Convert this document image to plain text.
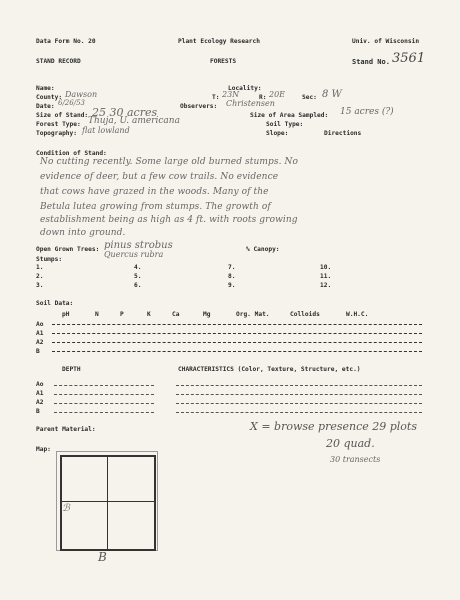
Data Form No. 20	Plant Ecology Research	Univ. of Wisconsin
STAND RECORD	FORESTS	Stand No. 3561
Name:	Locality:
County: Dawson	T: 23N	R: 20E	Sec: 8 W
Date: 6/26/53	Observers: Christensen
Size of Stand: 25 30 acres	Size of Area Sampled: 15 acres (?)
Forest Type: Thuja, U. americana	Soil Type:
Topography: flat lowland	Slope:	Directions
Condition of Stand:
No cutting recently. Some large old burned stumps. No
evidence of deer, but a few cow trails. No evidence
that cows have grazed in the woods. Many of the
Betula lutea growing from stumps. The growth of
establishment being as high as 4 ft. with roots growing
down into ground.
Open Grown Trees: pinus strobus
Quercus rubra
% Canopy:
Stumps:
1.
2.
3.
4.
5.
6.
7.
8.
9.
10.
11.
12.
Soil Data:
pH	N	P	K	Ca	Mg	Org. Mat.	Colloids	W.H.C.
Ao
A1
A2
B
DEPTH	CHARACTERISTICS (Color, Texture, Structure, etc.)
Ao
A1
A2
B
Parent Material:	X = browse presence 29 plots
20 quad.
30 transects
Map:
ℬ
B
